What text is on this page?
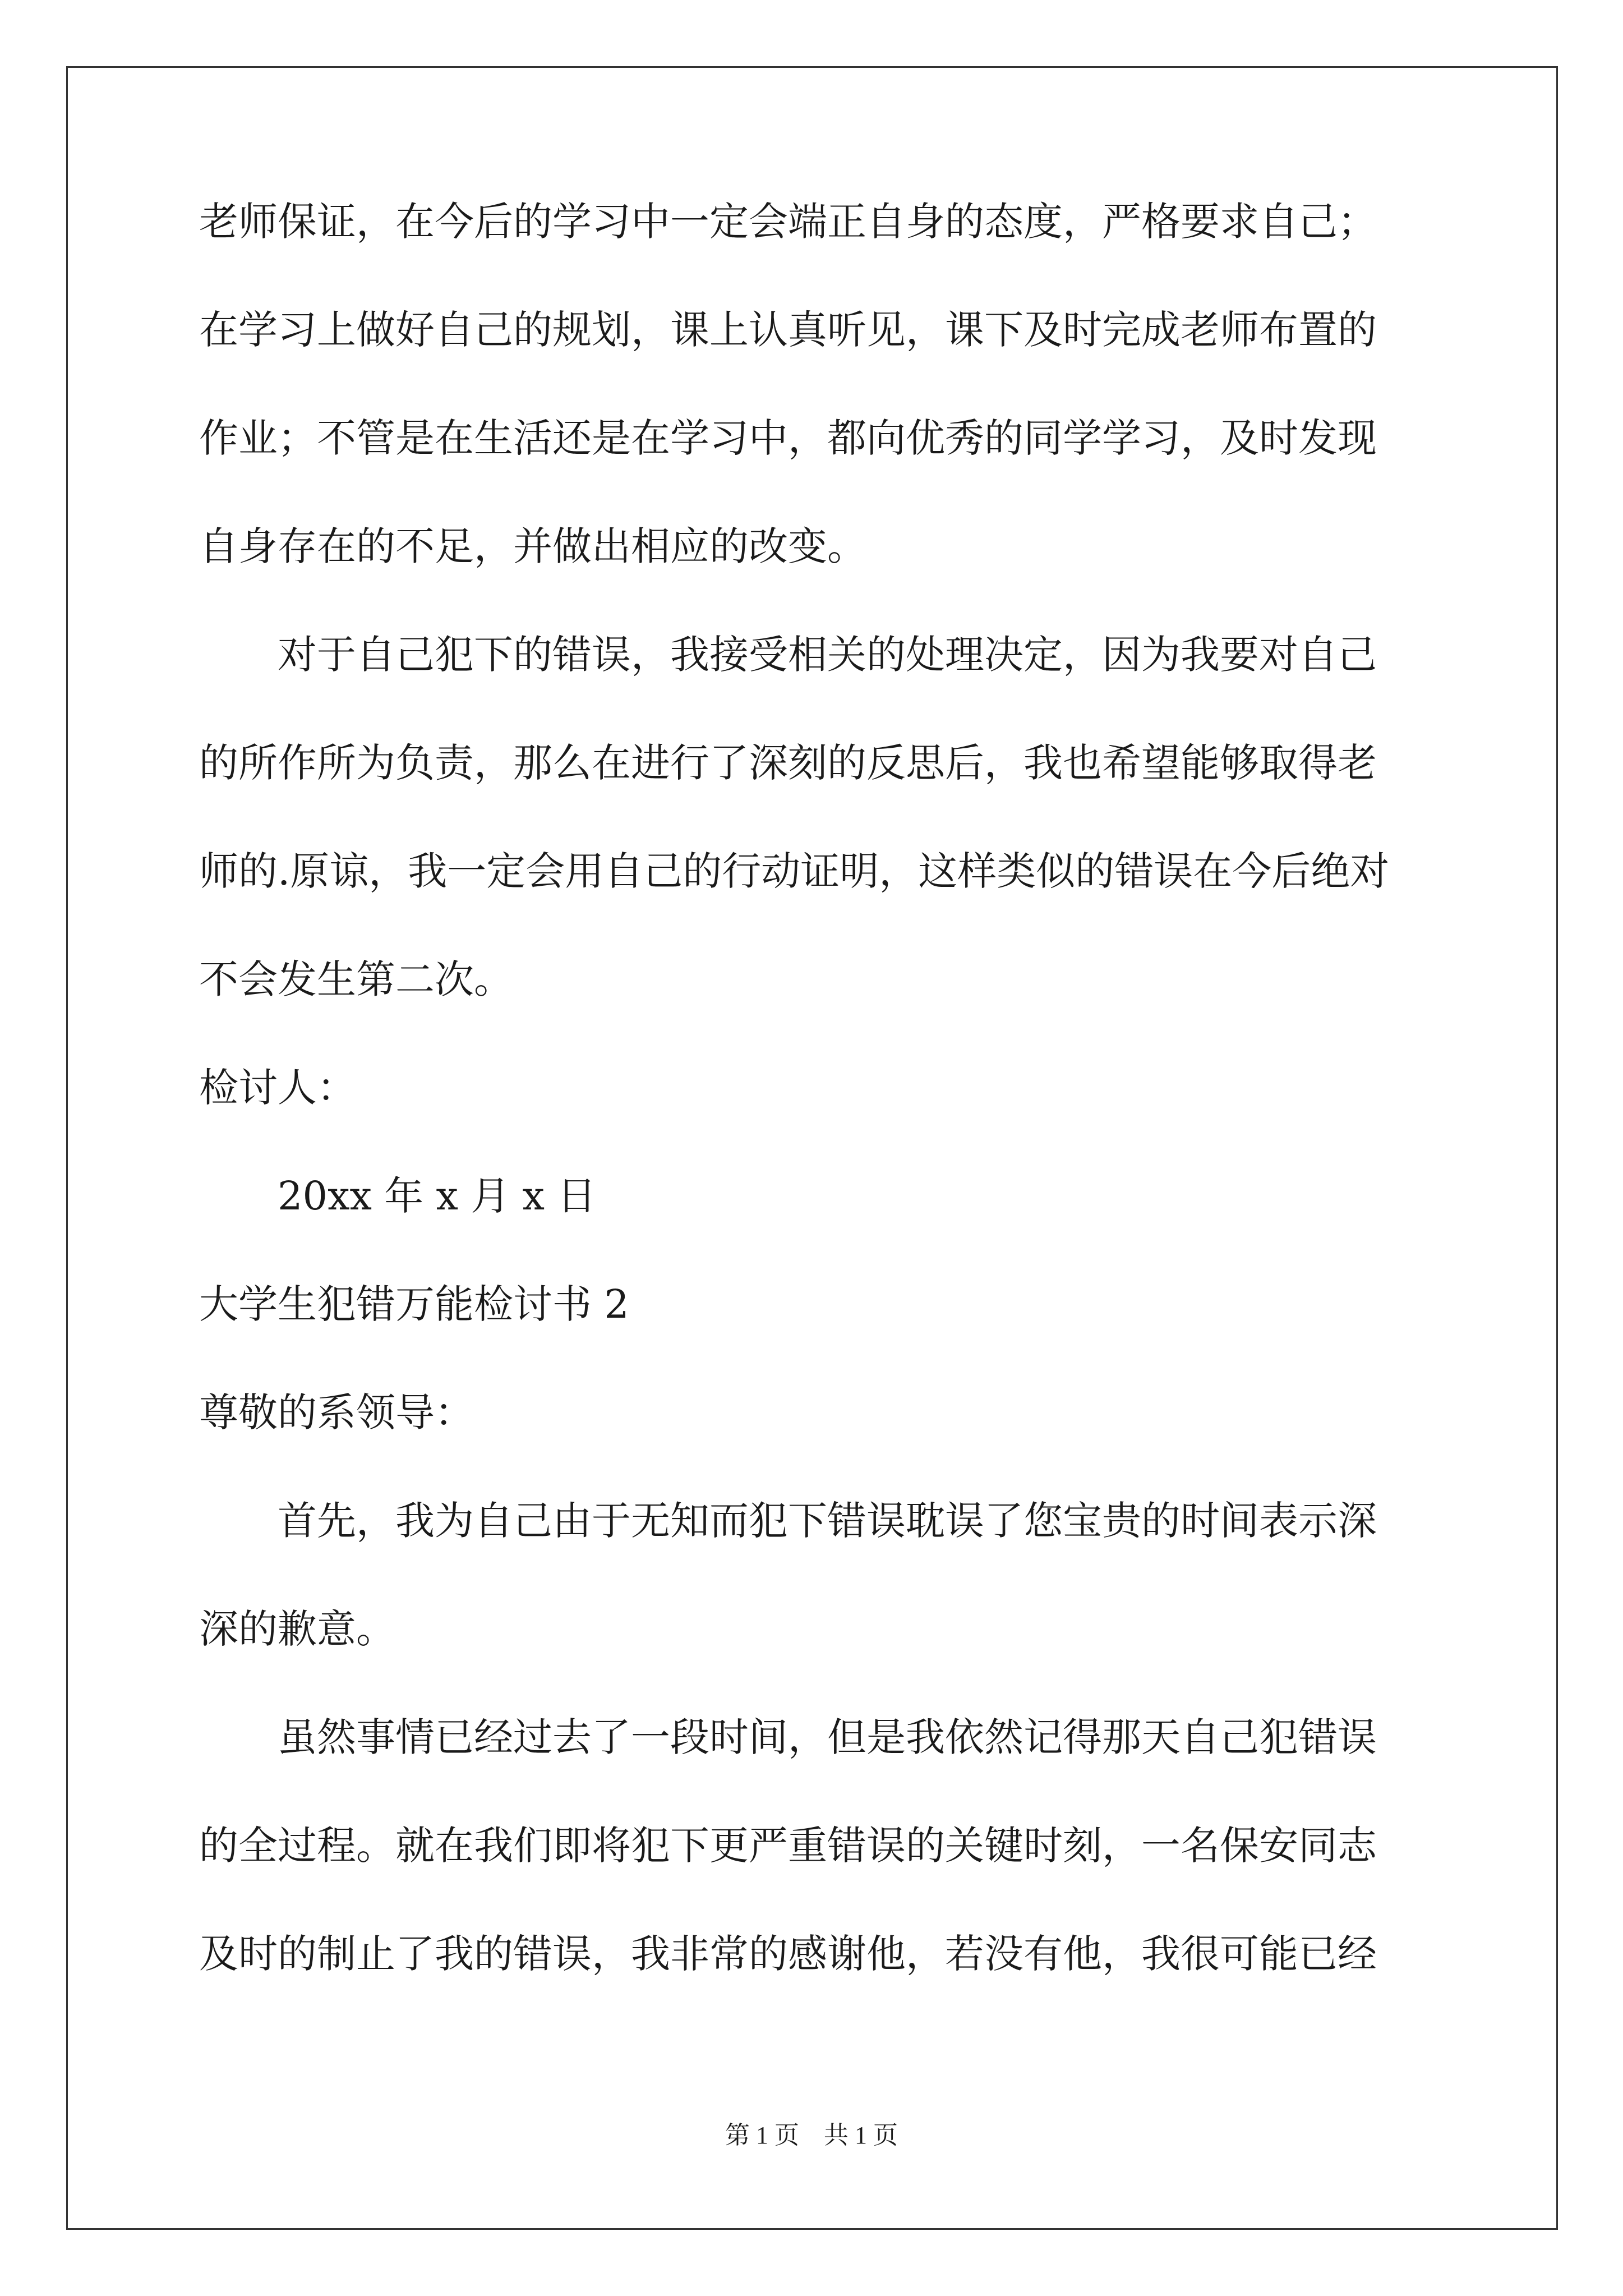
老师保证，在今后的学习中一定会端正自身的态度，严格要求自己；

在学习上做好自己的规划，课上认真听见，课下及时完成老师布置的

作业；不管是在生活还是在学习中，都向优秀的同学学习，及时发现

自身存在的不足，并做出相应的改变。

对于自己犯下的错误，我接受相关的处理决定，因为我要对自己

的所作所为负责，那么在进行了深刻的反思后，我也希望能够取得老

师的.原谅，我一定会用自己的行动证明，这样类似的错误在今后绝对

不会发生第二次。

检讨人：

20xx 年 x 月 x 日

大学生犯错万能检讨书 2

尊敬的系领导：

首先，我为自己由于无知而犯下错误耽误了您宝贵的时间表示深

深的歉意。

虽然事情已经过去了一段时间，但是我依然记得那天自己犯错误

的全过程。就在我们即将犯下更严重错误的关键时刻，一名保安同志

及时的制止了我的错误，我非常的感谢他，若没有他，我很可能已经

第 1 页　共 1 页
